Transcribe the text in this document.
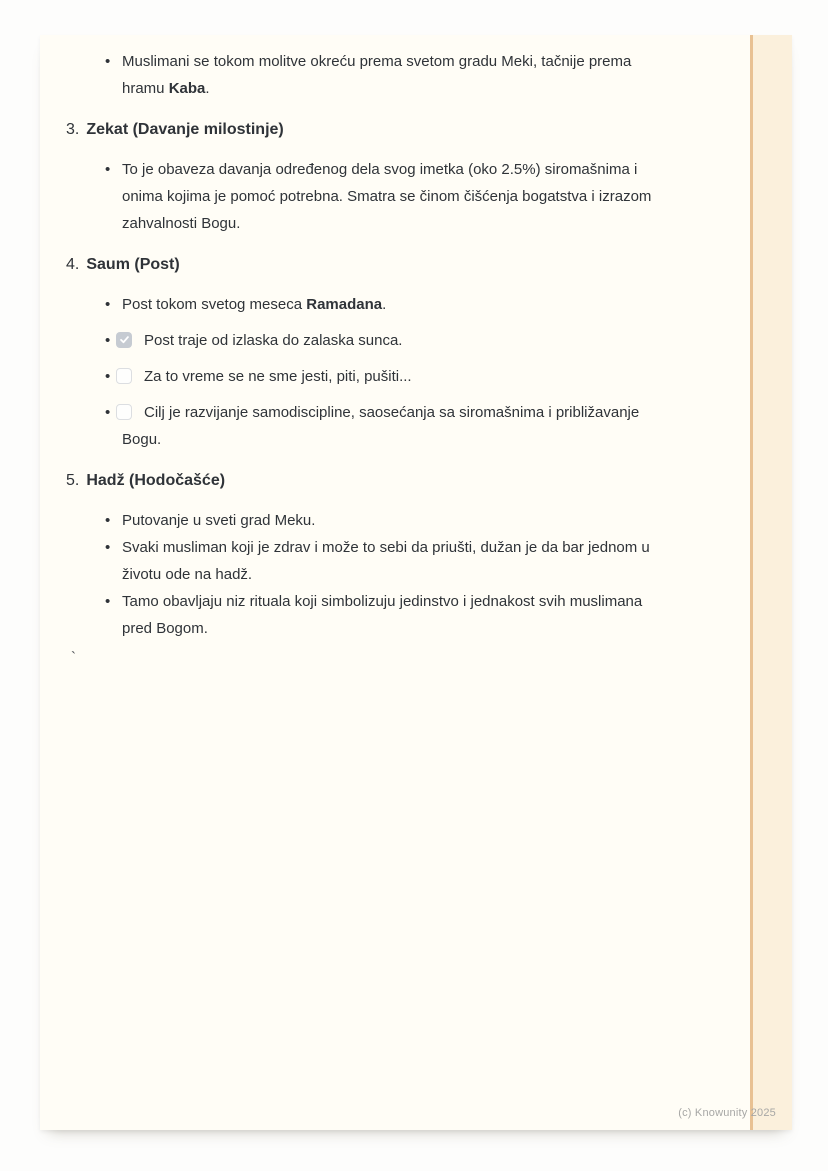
• Muslimani se tokom molitve okreću prema svetom gradu Meki, tačnije prema hramu Kaba.
3. Zekat (Davanje milostinje)
• To je obaveza davanja određenog dela svog imetka (oko 2.5%) siromašnima i onima kojima je pomoć potrebna. Smatra se činom čišćenja bogatstva i izrazom zahvalnosti Bogu.
4. Saum (Post)
• Post tokom svetog meseca Ramadana.
• Post traje od izlaska do zalaska sunca.
• Za to vreme se ne sme jesti, piti, pušiti...
• Cilj je razvijanje samodiscipline, saosećanja sa siromašnima i približavanje Bogu.
5. Hadž (Hodočašće)
• Putovanje u sveti grad Meku.
• Svaki musliman koji je zdrav i može to sebi da priušti, dužan je da bar jednom u životu ode na hadž.
• Tamo obavljaju niz rituala koji simbolizuju jedinstvo i jednakost svih muslimana pred Bogom.
`
(c) Knowunity 2025
